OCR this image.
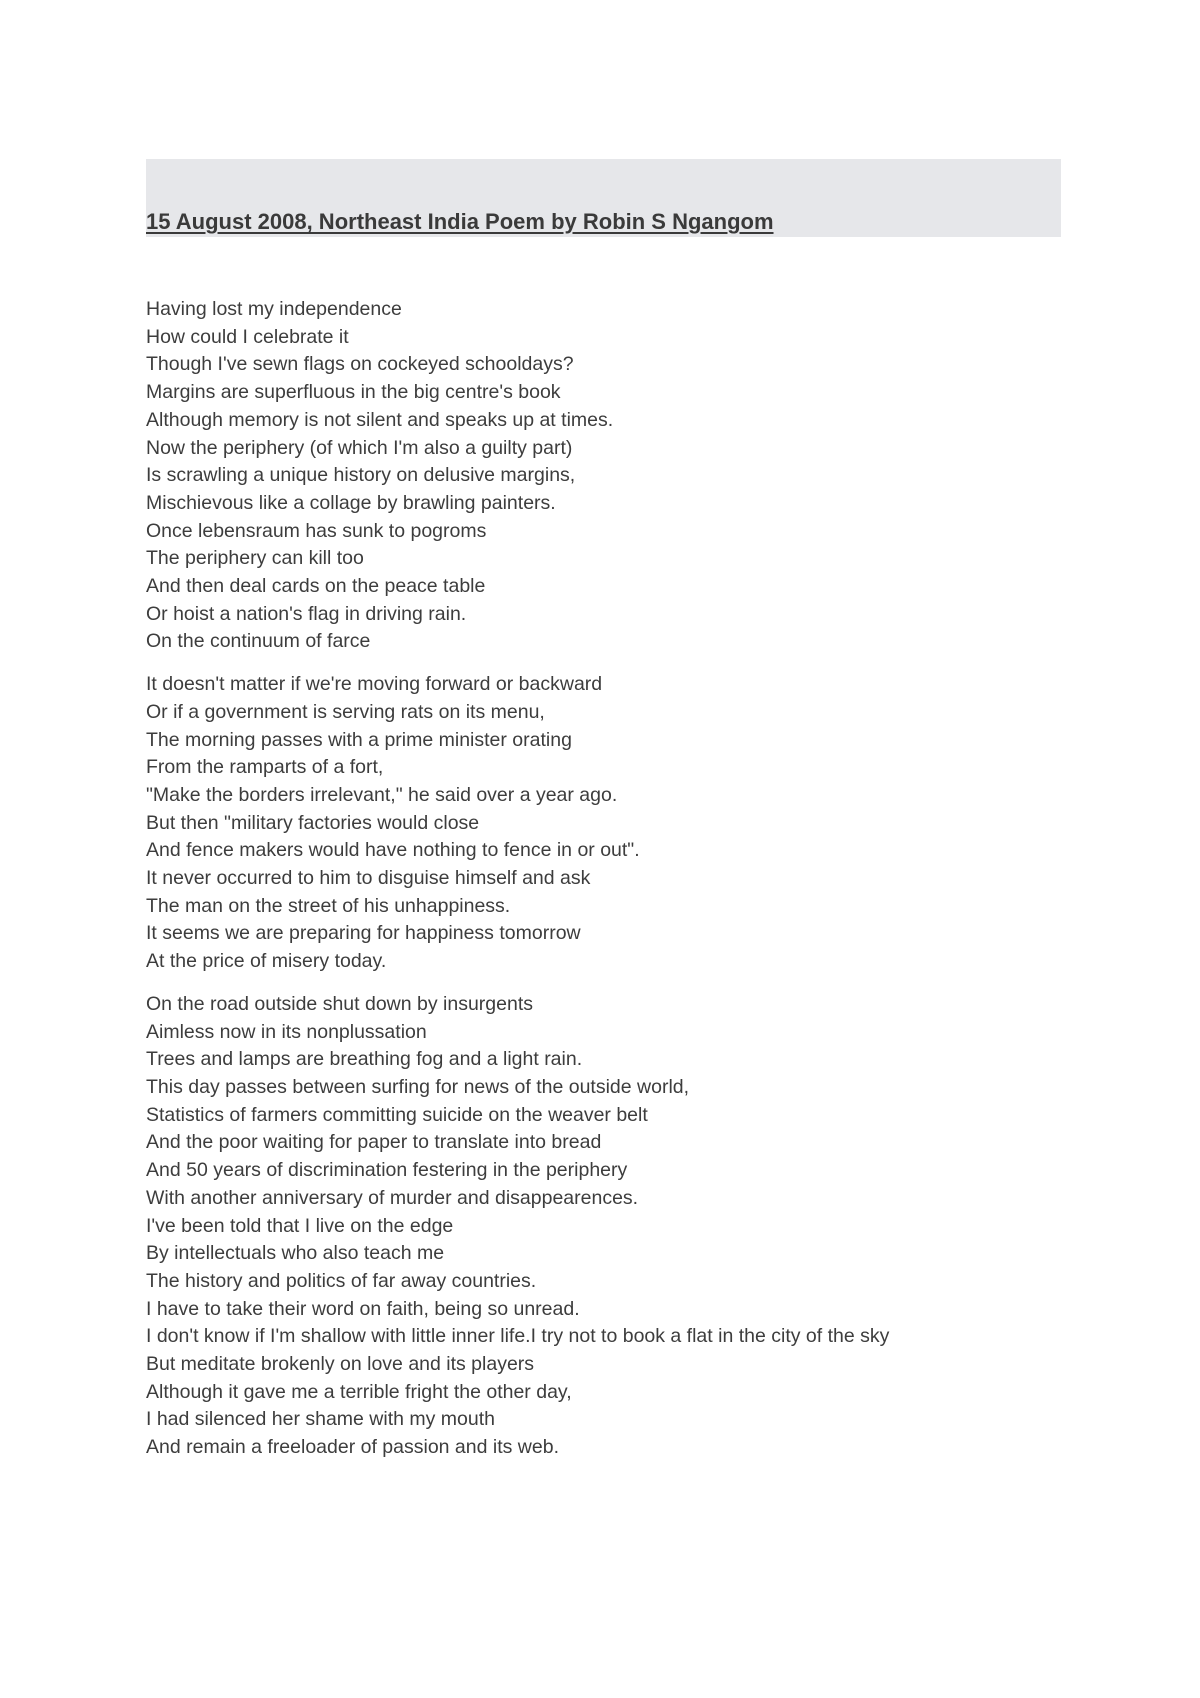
15 August 2008, Northeast India Poem by Robin S Ngangom
Having lost my independence
How could I celebrate it
Though I've sewn flags on cockeyed schooldays?
Margins are superfluous in the big centre's book
Although memory is not silent and speaks up at times.
Now the periphery (of which I'm also a guilty part)
Is scrawling a unique history on delusive margins,
Mischievous like a collage by brawling painters.
Once lebensraum has sunk to pogroms
The periphery can kill too
And then deal cards on the peace table
Or hoist a nation's flag in driving rain.
On the continuum of farce
It doesn't matter if we're moving forward or backward
Or if a government is serving rats on its menu,
The morning passes with a prime minister orating
From the ramparts of a fort,
"Make the borders irrelevant," he said over a year ago.
But then "military factories would close
And fence makers would have nothing to fence in or out".
It never occurred to him to disguise himself and ask
The man on the street of his unhappiness.
It seems we are preparing for happiness tomorrow
At the price of misery today.
On the road outside shut down by insurgents
Aimless now in its nonplussation
Trees and lamps are breathing fog and a light rain.
This day passes between surfing for news of the outside world,
Statistics of farmers committing suicide on the weaver belt
And the poor waiting for paper to translate into bread
And 50 years of discrimination festering in the periphery
With another anniversary of murder and disappearences.
I've been told that I live on the edge
By intellectuals who also teach me
The history and politics of far away countries.
I have to take their word on faith, being so unread.
I don't know if I'm shallow with little inner life.I try not to book a flat in the city of the sky
But meditate brokenly on love and its players
Although it gave me a terrible fright the other day,
I had silenced her shame with my mouth
And remain a freeloader of passion and its web.
